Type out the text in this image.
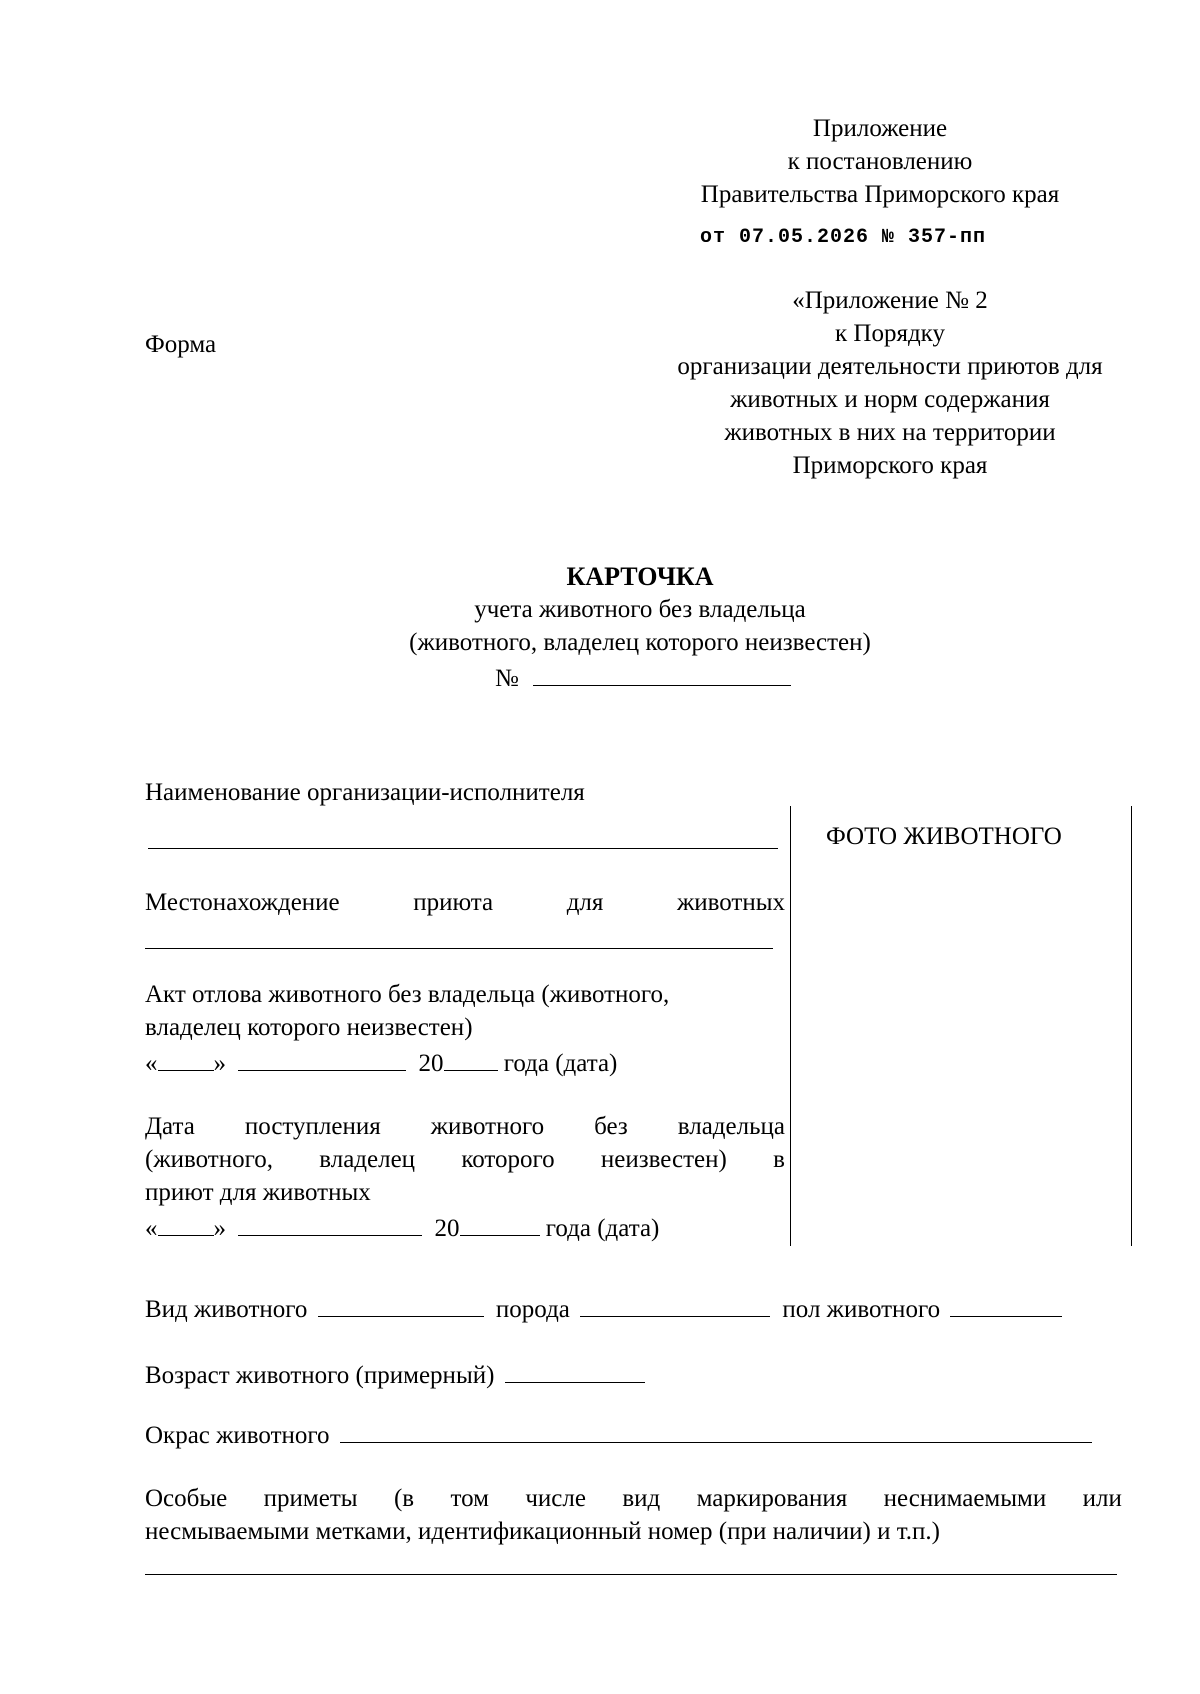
Приложение
к постановлению
Правительства Приморского края
от 07.05.2026 № 357-пп
Форма
«Приложение № 2
к Порядку
организации деятельности приютов для
животных и норм содержания
животных в них на территории
Приморского края
КАРТОЧКА
учета животного без владельца
(животного, владелец которого неизвестен)
№
Наименование организации-исполнителя
Местонахождение	приюта	для	животных
Акт отлова животного без владельца (животного,
владелец которого неизвестен)
« »	20 года (дата)
Дата поступления животного без владельца
(животного, владелец которого неизвестен) в
приют для животных
« »	20	года (дата)
ФОТО ЖИВОТНОГО
Вид животного	порода	пол животного
Возраст животного (примерный)
Окрас животного
Особые приметы (в том числе вид маркирования неснимаемыми или
несмываемыми метками, идентификационный номер (при наличии) и т.п.)
